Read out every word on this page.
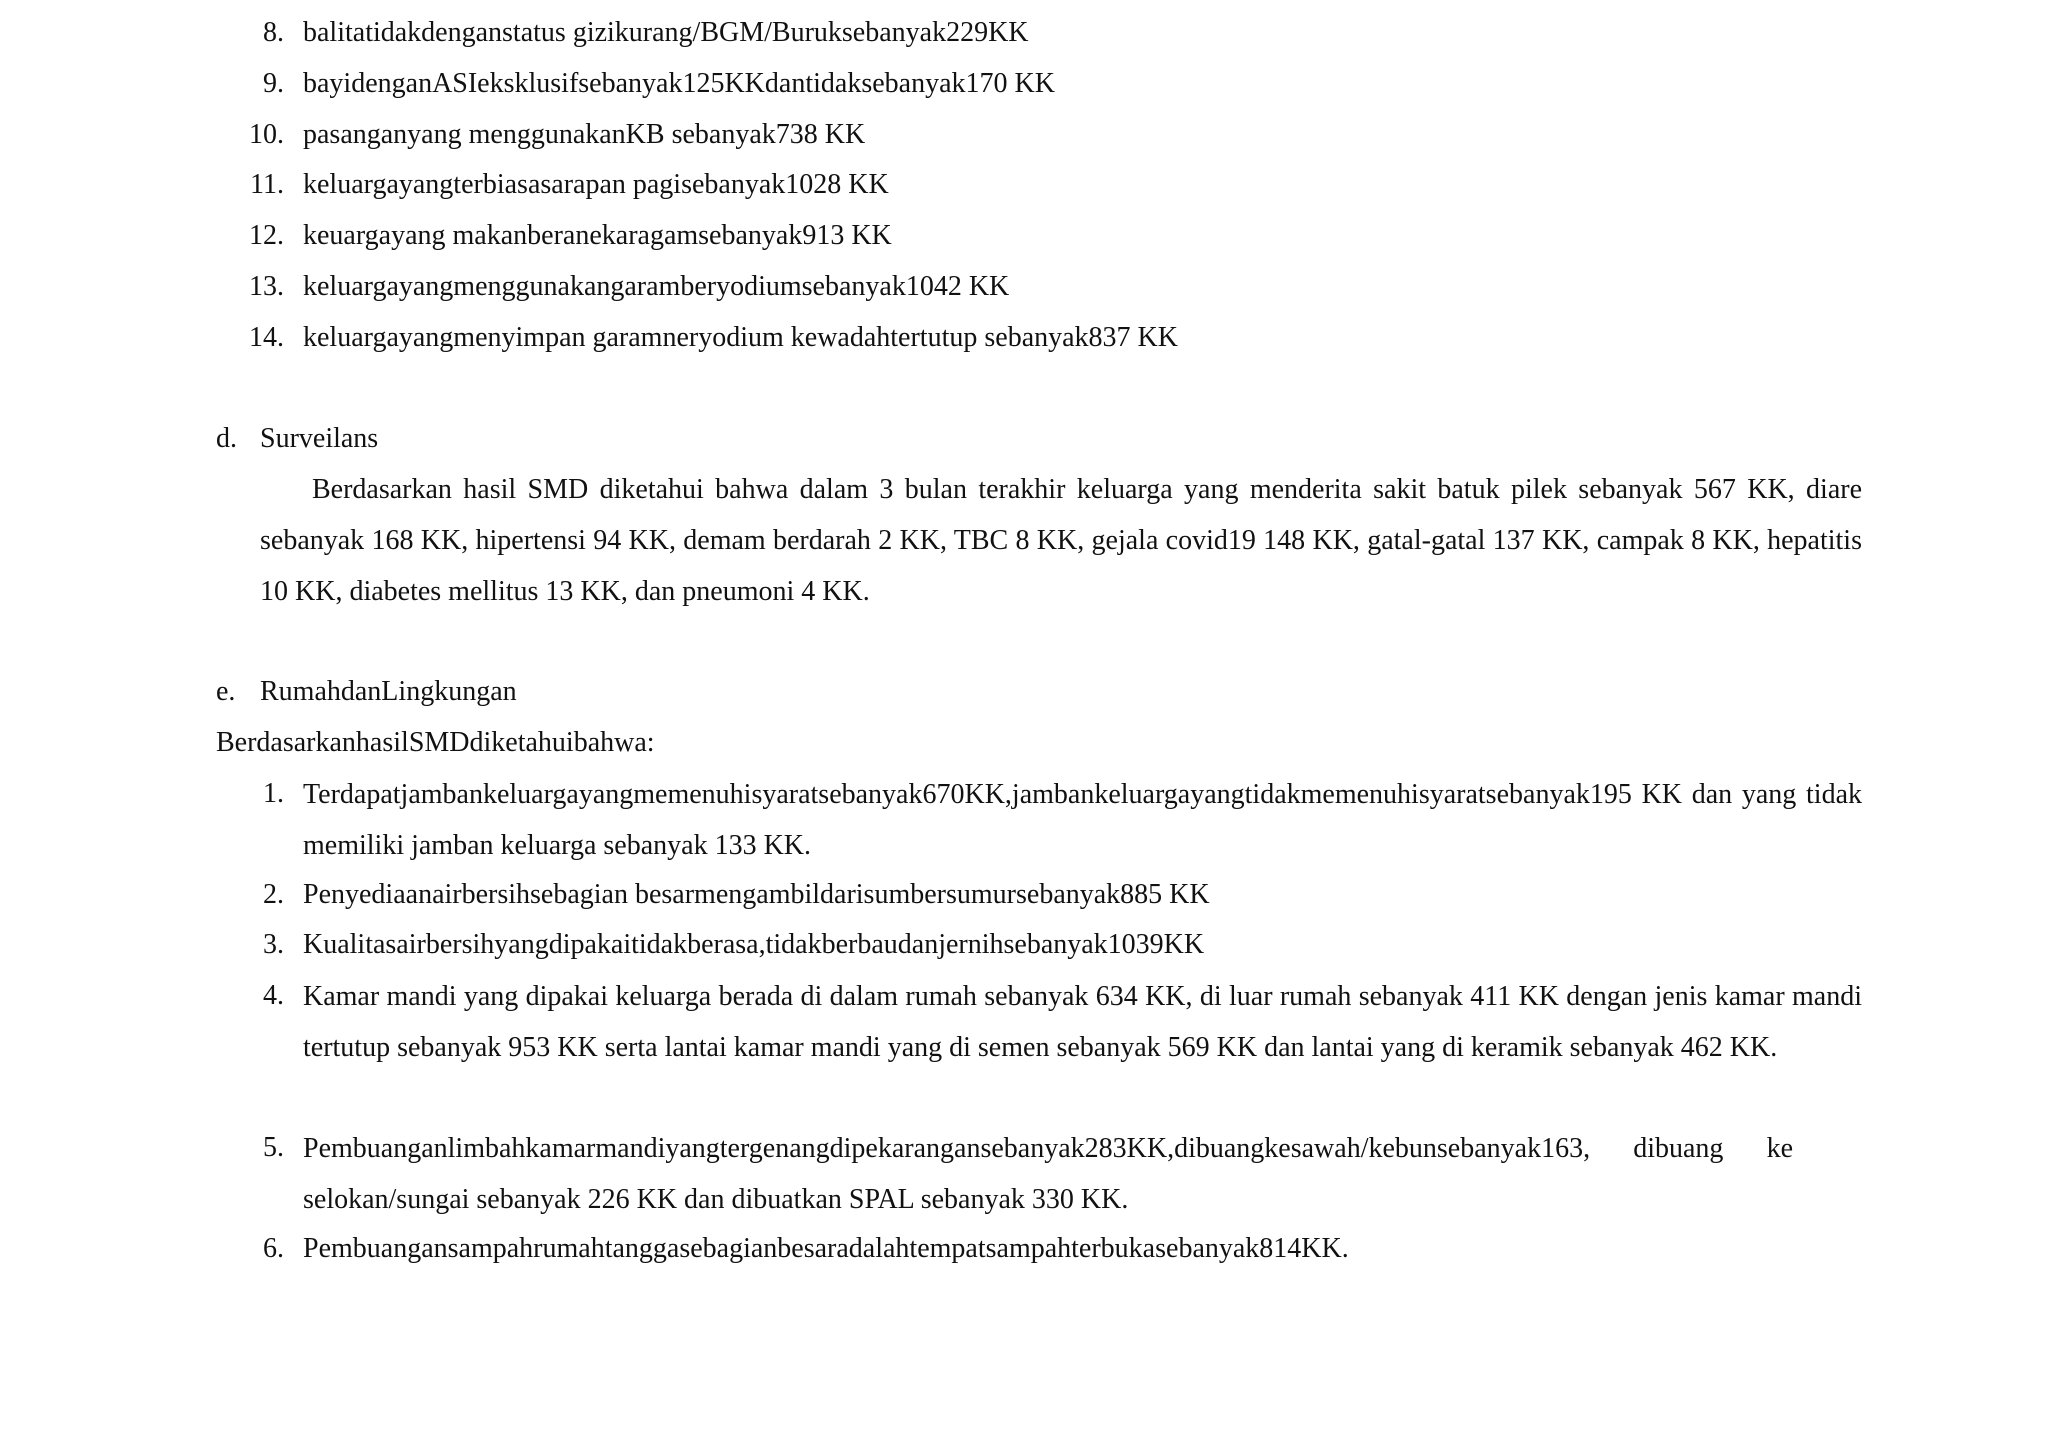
8. balitatidakdenganstatus gizikurang/BGM/Buruksebanyak229KK
9. bayidenganASIeksklusifsebanyak125KKdantidaksebanyak170 KK
10. pasanganyang menggunakanKB sebanyak738 KK
11. keluargayangterbiasasarapan pagisebanyak1028 KK
12. keuargayang makanberanekaragamsebanyak913 KK
13. keluargayangmenggunakangaramberyodiumsebanyak1042 KK
14. keluargayangmenyimpan garamneryodium kewadahtertutup sebanyak837 KK
d. Surveilans
Berdasarkan hasil SMD diketahui bahwa dalam 3 bulan terakhir keluarga yang menderita sakit batuk pilek sebanyak 567 KK, diare sebanyak 168 KK, hipertensi 94 KK, demam berdarah 2 KK, TBC 8 KK, gejala covid19 148 KK, gatal-gatal 137 KK, campak 8 KK, hepatitis 10 KK, diabetes mellitus 13 KK, dan pneumoni 4 KK.
e. RumahdanLingkungan
BerdasarkanhasilSMDdiketahuibahwa:
1. Terdapatjambankeluargayangmemenuhisyaratsebanyak670KK,jambankeluargayangtidakmemenuhisyaratsebanyak195 KK dan yang tidak memiliki jamban keluarga sebanyak 133 KK.
2. Penyediaanairbersihsebagian besarmengambildarisumbersumursebanyak885 KK
3. Kualitasairbersihyangdipakaitidakberasa,tidakberbaudanjernihsebanyak1039KK
4. Kamar mandi yang dipakai keluarga berada di dalam rumah sebanyak 634 KK, di luar rumah sebanyak 411 KK dengan jenis kamar mandi tertutup sebanyak 953 KK serta lantai kamar mandi yang di semen sebanyak 569 KK dan lantai yang di keramik sebanyak 462 KK.
5. Pembuanganlimbahkamarmandiyangtergenangdipekarangansebanyak283KK,dibuangkesawah/kebunsebanyak163, dibuang ke selokan/sungai sebanyak 226 KK dan dibuatkan SPAL sebanyak 330 KK.
6. Pembuangansampahrumahtanggasebagianbesaradalahtempatsampahterbukasebanyak814KK.
